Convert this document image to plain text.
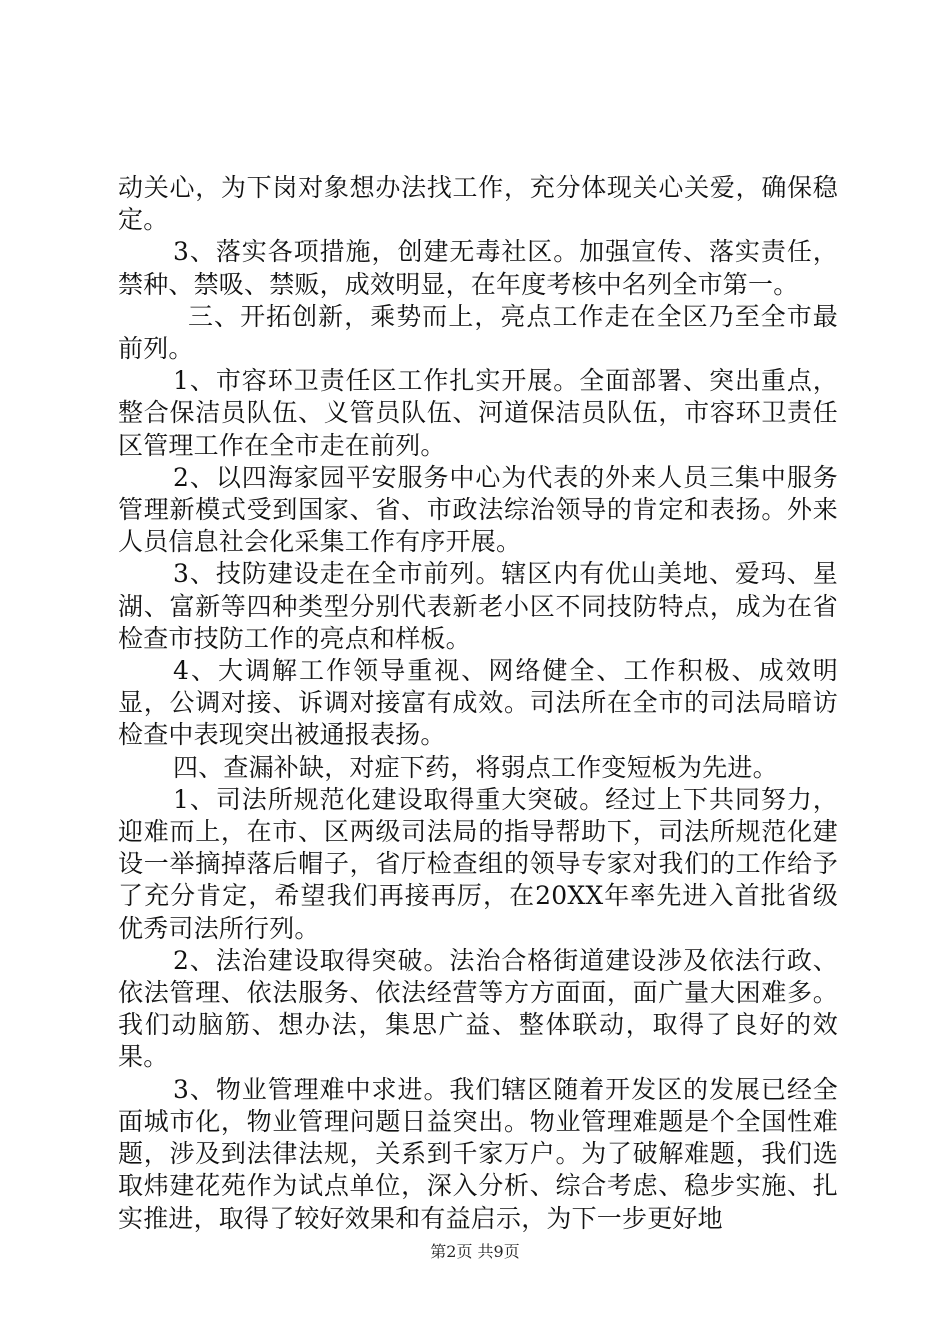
动关心，为下岗对象想办法找工作，充分体现关心关爱，确保稳定。

3、落实各项措施，创建无毒社区。加强宣传、落实责任，禁种、禁吸、禁贩，成效明显，在年度考核中名列全市第一。

三、开拓创新，乘势而上，亮点工作走在全区乃至全市最前列。

1、市容环卫责任区工作扎实开展。全面部署、突出重点，整合保洁员队伍、义管员队伍、河道保洁员队伍，市容环卫责任区管理工作在全市走在前列。

2、以四海家园平安服务中心为代表的外来人员三集中服务管理新模式受到国家、省、市政法综治领导的肯定和表扬。外来人员信息社会化采集工作有序开展。

3、技防建设走在全市前列。辖区内有优山美地、爱玛、星湖、富新等四种类型分别代表新老小区不同技防特点，成为在省检查市技防工作的亮点和样板。

4、大调解工作领导重视、网络健全、工作积极、成效明显，公调对接、诉调对接富有成效。司法所在全市的司法局暗访检查中表现突出被通报表扬。

四、查漏补缺，对症下药，将弱点工作变短板为先进。

1、司法所规范化建设取得重大突破。经过上下共同努力，迎难而上，在市、区两级司法局的指导帮助下，司法所规范化建设一举摘掉落后帽子，省厅检查组的领导专家对我们的工作给予了充分肯定，希望我们再接再厉，在20XX年率先进入首批省级优秀司法所行列。

2、法治建设取得突破。法治合格街道建设涉及依法行政、依法管理、依法服务、依法经营等方方面面，面广量大困难多。我们动脑筋、想办法，集思广益、整体联动，取得了良好的效果。

3、物业管理难中求进。我们辖区随着开发区的发展已经全面城市化，物业管理问题日益突出。物业管理难题是个全国性难题，涉及到法律法规，关系到千家万户。为了破解难题，我们选取炜建花苑作为试点单位，深入分析、综合考虑、稳步实施、扎实推进，取得了较好效果和有益启示，为下一步更好地

第2页 共9页
